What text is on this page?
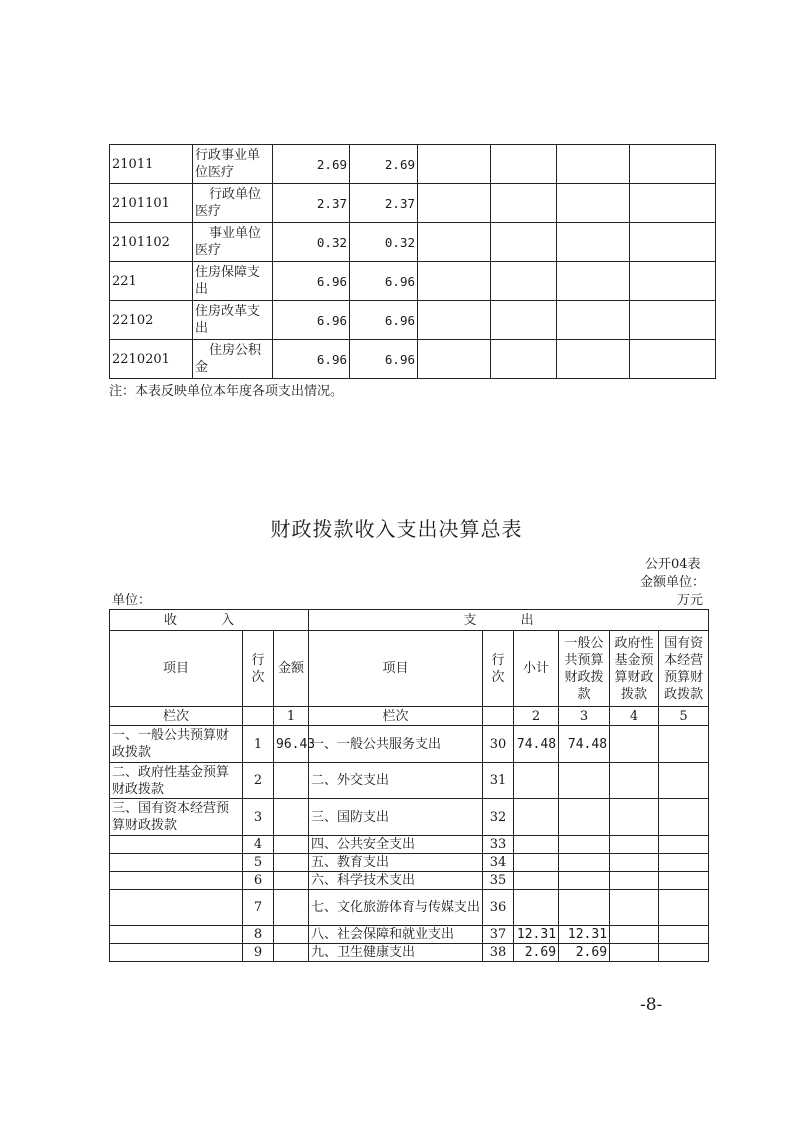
21011	行政事业单位医疗	2.69	2.69				
2101101	行政单位医疗	2.37	2.37				
2101102	事业单位医疗	0.32	0.32				
221	住房保障支出	6.96	6.96				
22102	住房改革支出	6.96	6.96				
2210201	住房公积金	6.96	6.96				
注：本表反映单位本年度各项支出情况。
财政拨款收入支出决算总表
公开04表
金额单位：
单位：	万元
收 入			支 出					
项目	行次	金额	项目	行次	小计	一般公共预算财政拨款	政府性基金预算财政拨款	国有资本经营预算财政拨款
栏次		1	栏次		2	3	4	5
一、一般公共预算财政拨款	1	96.43	一、一般公共服务支出	30	74.48	74.48		
二、政府性基金预算财政拨款	2		二、外交支出	31				
三、国有资本经营预算财政拨款	3		三、国防支出	32				
	4		四、公共安全支出	33				
	5		五、教育支出	34				
	6		六、科学技术支出	35				
	7		七、文化旅游体育与传媒支出	36				
	8		八、社会保障和就业支出	37	12.31	12.31		
	9		九、卫生健康支出	38	2.69	2.69		
-8-
